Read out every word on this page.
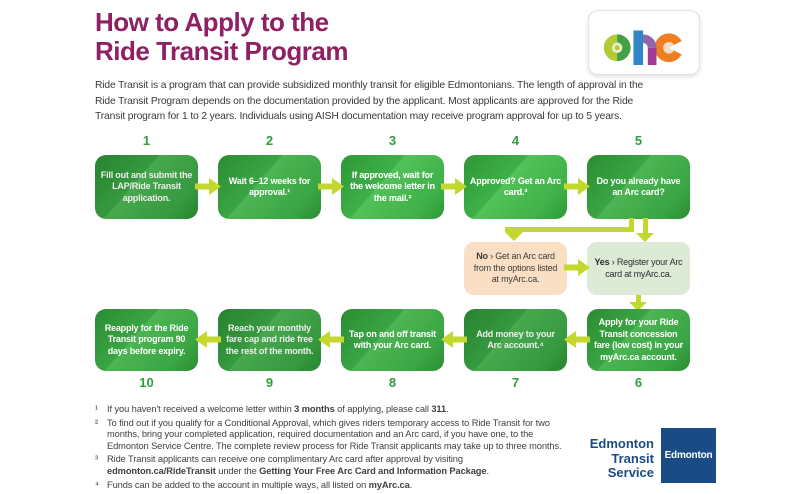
How to Apply to the
Ride Transit Program

Ride Transit is a program that can provide subsidized monthly transit for eligible Edmontonians. The length of approval in the Ride Transit Program depends on the documentation provided by the applicant. Most applicants are approved for the Ride Transit program for 1 to 2 years. Individuals using AISH documentation may receive program approval for up to 5 years.

1	2	3	4	5
Fill out and submit the LAP/Ride Transit application.
Wait 6–12 weeks for approval.¹
If approved, wait for the welcome letter in the mail.²
Approved? Get an Arc card.³
Do you already have an Arc card?
No › Get an Arc card from the options listed at myArc.ca.
Yes › Register your Arc card at myArc.ca.
Reapply for the Ride Transit program 90 days before expiry.
Reach your monthly fare cap and ride free the rest of the month.
Tap on and off transit with your Arc card.
Add money to your Arc account.⁴
Apply for your Ride Transit concession fare (low cost) in your myArc.ca account.
10	9	8	7	6
¹ If you haven't received a welcome letter within 3 months of applying, please call 311.
² To find out if you qualify for a Conditional Approval, which gives riders temporary access to Ride Transit for two months, bring your completed application, required documentation and an Arc card, if you have one, to the Edmonton Service Centre. The complete review process for Ride Transit applicants may take up to three months.
³ Ride Transit applicants can receive one complimentary Arc card after approval by visiting edmonton.ca/RideTransit under the Getting Your Free Arc Card and Information Package.
⁴ Funds can be added to the account in multiple ways, all listed on myArc.ca.
Edmonton
Transit
Service
Edmonton
